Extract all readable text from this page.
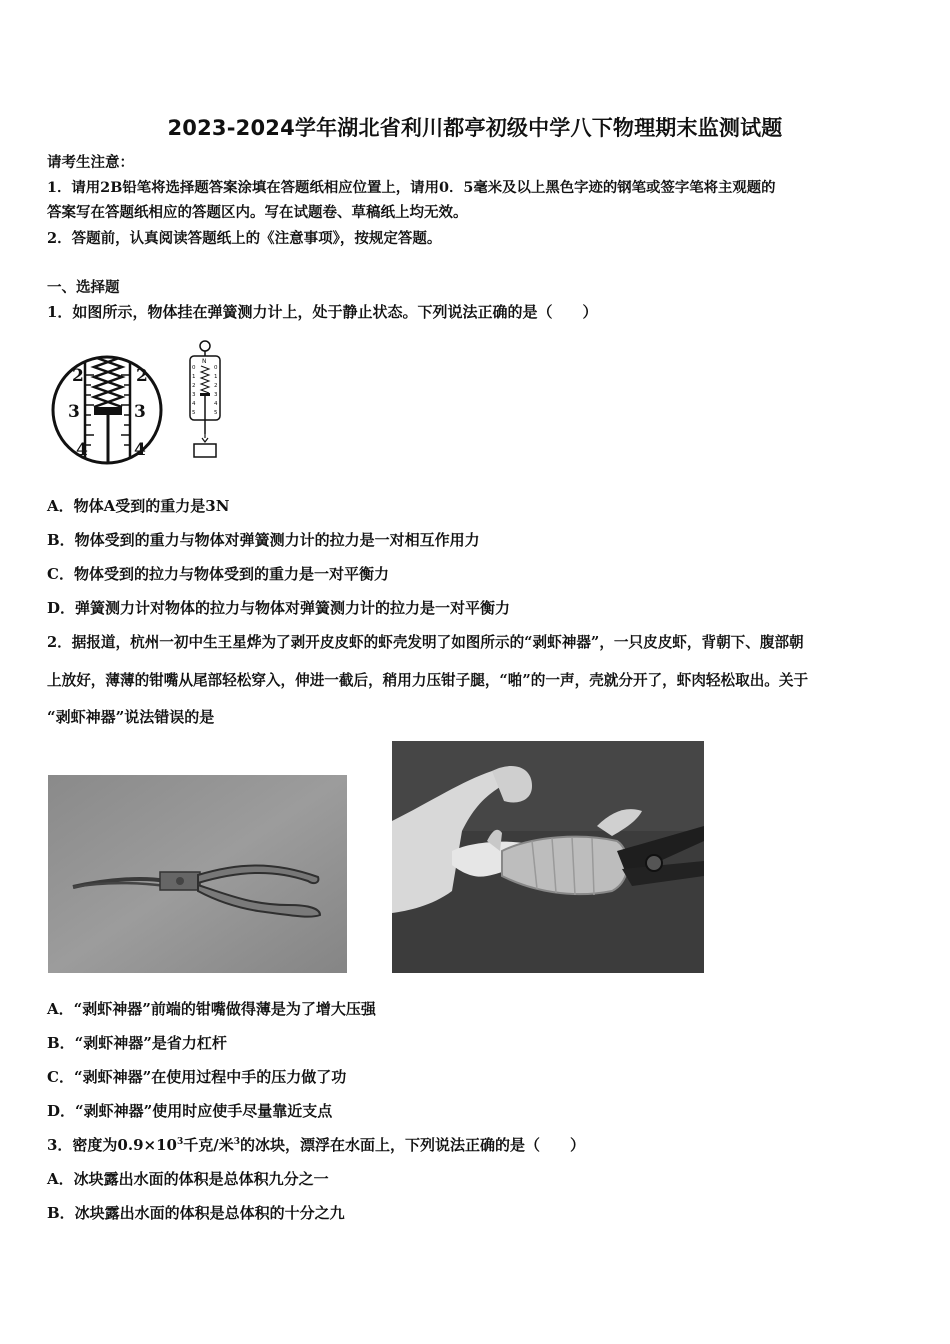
2023-2024学年湖北省利川都亭初级中学八下物理期末监测试题
请考生注意：
1．请用2B铅笔将选择题答案涂填在答题纸相应位置上，请用0．5毫米及以上黑色字迹的钢笔或签字笔将主观题的
答案写在答题纸相应的答题区内。写在试题卷、草稿纸上均无效。
2．答题前，认真阅读答题纸上的《注意事项》，按规定答题。
一、选择题
1．如图所示，物体挂在弹簧测力计上，处于静止状态。下列说法正确的是（　　）
2	2
3	3
4	4
N
0
1
2
3
4
5
0
1
2
3
4
5
A．物体A受到的重力是3N
B．物体受到的重力与物体对弹簧测力计的拉力是一对相互作用力
C．物体受到的拉力与物体受到的重力是一对平衡力
D．弹簧测力计对物体的拉力与物体对弹簧测力计的拉力是一对平衡力
2．据报道，杭州一初中生王星烨为了剥开皮皮虾的虾壳发明了如图所示的“剥虾神器”，一只皮皮虾，背朝下、腹部朝
上放好，薄薄的钳嘴从尾部轻松穿入，伸进一截后，稍用力压钳子腿，“啪”的一声，壳就分开了，虾肉轻松取出。关于
“剥虾神器”说法错误的是
A．“剥虾神器”前端的钳嘴做得薄是为了增大压强
B．“剥虾神器”是省力杠杆
C．“剥虾神器”在使用过程中手的压力做了功
D．“剥虾神器”使用时应使手尽量靠近支点
3．密度为$0.9\times 10^3$千克/米$^3$的冰块，漂浮在水面上，下列说法正确的是（　　）
A．冰块露出水面的体积是总体积九分之一
B．冰块露出水面的体积是总体积的十分之九
